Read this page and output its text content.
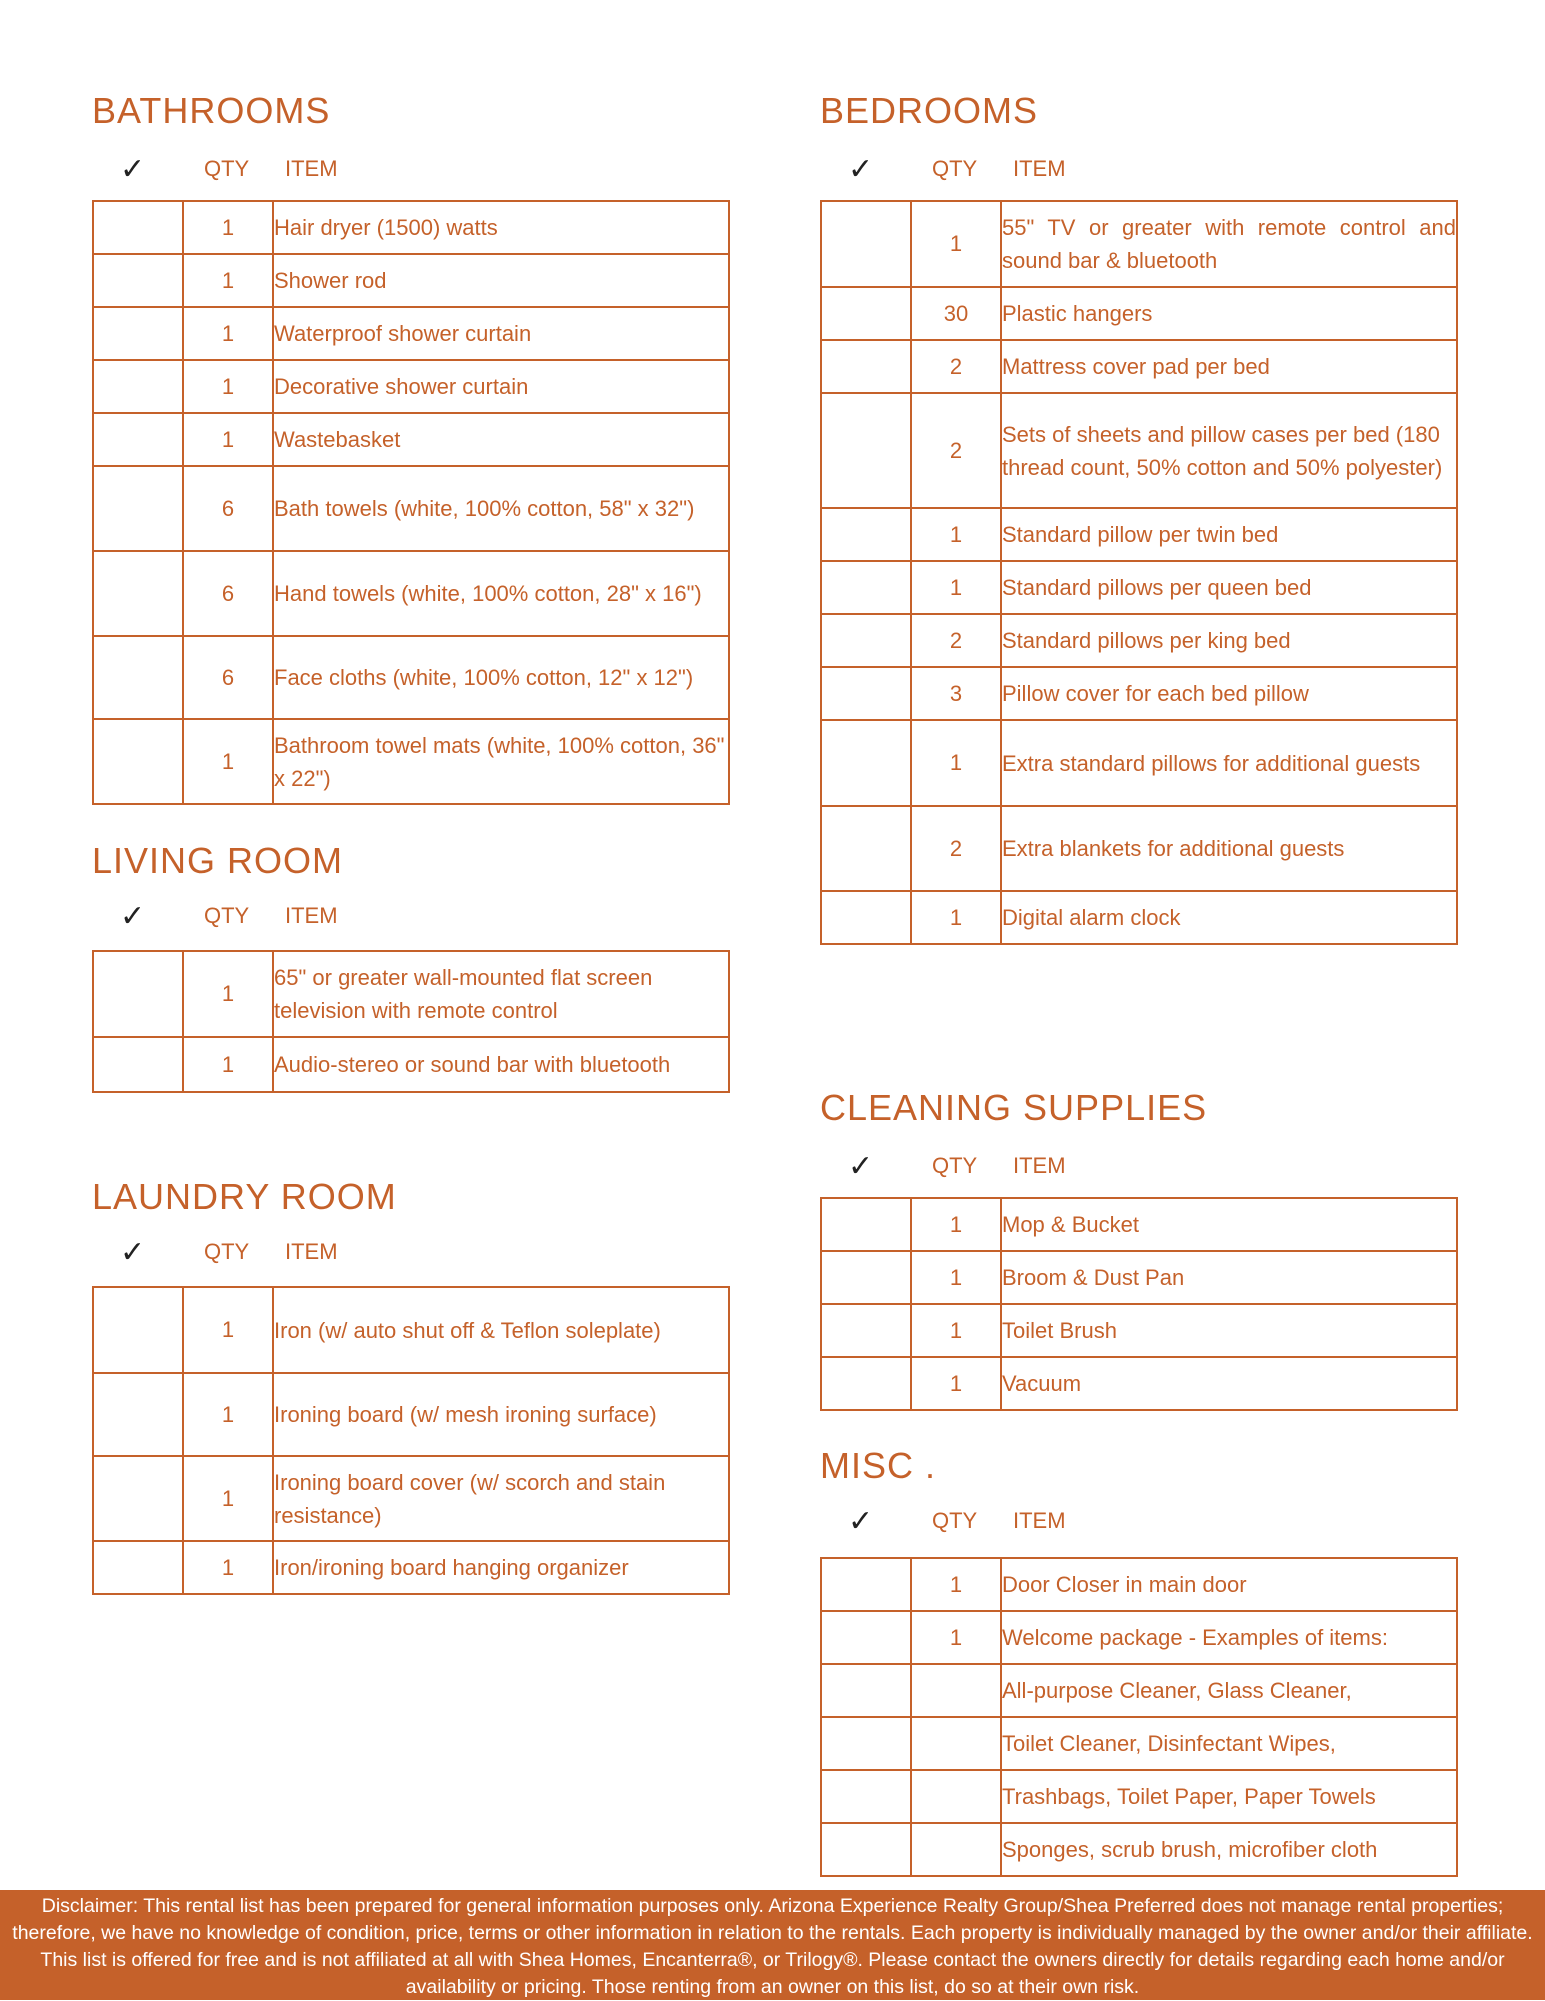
BATHROOMS
✓	QTY ITEM
	1	Hair dryer (1500) watts
	1	Shower rod
	1	Waterproof shower curtain
	1	Decorative shower curtain
	1	Wastebasket
	6	Bath towels (white, 100% cotton, 58" x 32")
	6	Hand towels (white, 100% cotton, 28" x 16")
	6	Face cloths (white, 100% cotton, 12" x 12")
	1	Bathroom towel mats (white, 100% cotton, 36" x 22")
LIVING ROOM
✓	QTY ITEM
	1	65" or greater wall-mounted flat screen television with remote control
	1	Audio-stereo or sound bar with bluetooth
LAUNDRY ROOM
✓	QTY ITEM
	1	Iron (w/ auto shut off & Teflon soleplate)
	1	Ironing board (w/ mesh ironing surface)
	1	Ironing board cover (w/ scorch and stain resistance)
	1	Iron/ironing board hanging organizer
BEDROOMS
✓	QTY ITEM
	1	55" TV or greater with remote control and sound bar & bluetooth
	30	Plastic hangers
	2	Mattress cover pad per bed
	2	Sets of sheets and pillow cases per bed (180 thread count, 50% cotton and 50% polyester)
	1	Standard pillow per twin bed
	1	Standard pillows per queen bed
	2	Standard pillows per king bed
	3	Pillow cover for each bed pillow
	1	Extra standard pillows for additional guests
	2	Extra blankets for additional guests
	1	Digital alarm clock
CLEANING SUPPLIES
✓	QTY ITEM
	1	Mop & Bucket
	1	Broom & Dust Pan
	1	Toilet Brush
	1	Vacuum
MISC .
✓	QTY ITEM
	1	Door Closer in main door
	1	Welcome package - Examples of items:
		All-purpose Cleaner, Glass Cleaner,
		Toilet Cleaner, Disinfectant Wipes,
		Trashbags, Toilet Paper, Paper Towels
		Sponges, scrub brush, microfiber cloth
Disclaimer: This rental list has been prepared for general information purposes only. Arizona Experience Realty Group/Shea Preferred does not manage rental properties; therefore, we have no knowledge of condition, price, terms or other information in relation to the rentals. Each property is individually managed by the owner and/or their affiliate. This list is offered for free and is not affiliated at all with Shea Homes, Encanterra®, or Trilogy®. Please contact the owners directly for details regarding each home and/or availability or pricing. Those renting from an owner on this list, do so at their own risk.
